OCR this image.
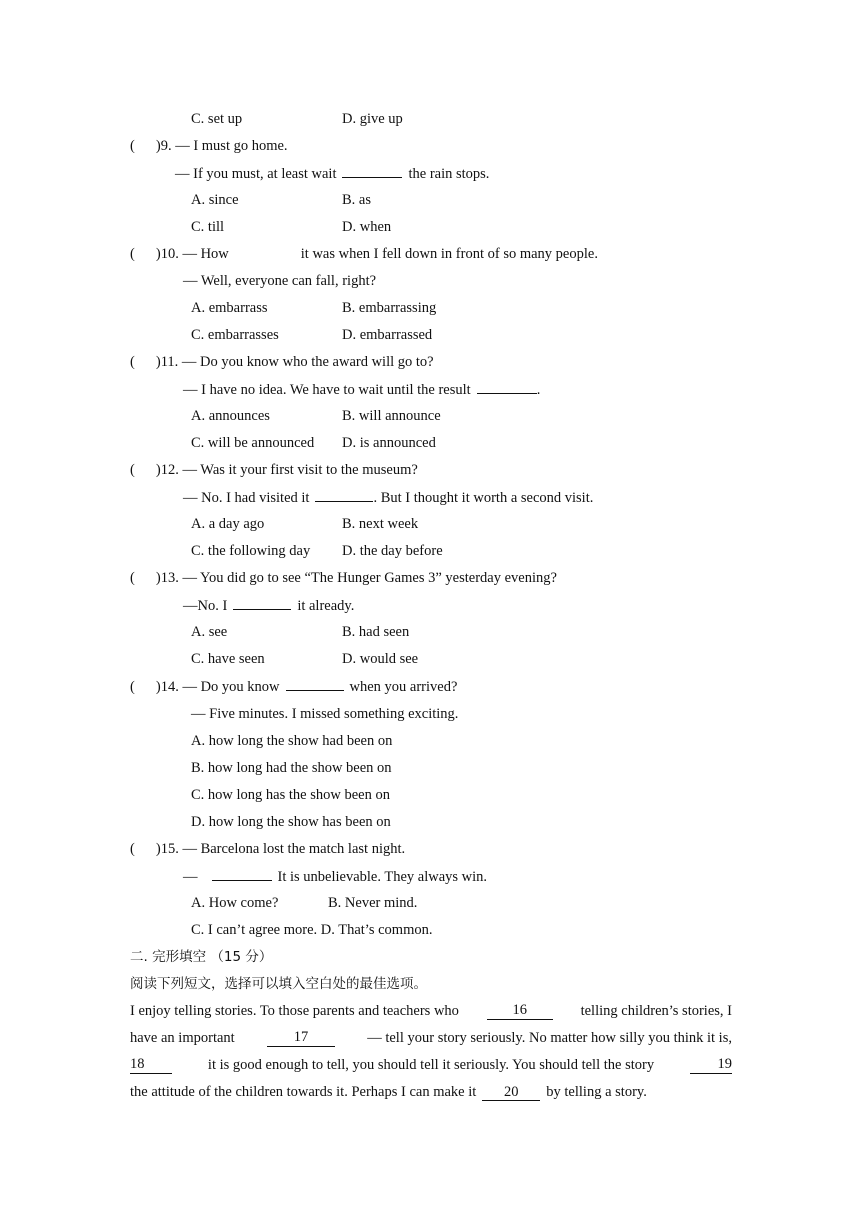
C. set up	D. give up
( )9. — I must go home.
— If you must, at least wait	the rain stops.
A. since	B. as
C. till	D. when
( )10. — How	it was when I fell down in front of so many people.
— Well, everyone can fall, right?
A. embarrass	B. embarrassing
C. embarrasses	D. embarrassed
( )11. — Do you know who the award will go to?
— I have no idea. We have to wait until the result	.
A. announces	B. will announce
C. will be announced D. is announced
( )12. — Was it your first visit to the museum?
— No. I had visited it	. But I thought it worth a second visit.
A. a day ago	B. next week
C. the following day D. the day before
( )13. — You did go to see “The Hunger Games 3” yesterday evening?
—No. I	it already.
A. see	B. had seen
C. have seen	D. would see
( )14. — Do you know	when you arrived?
— Five minutes. I missed something exciting.
A. how long the show had been on
B. how long had the show been on
C. how long has the show been on
D. how long the show has been on
( )15. — Barcelona lost the match last night.
—	It is unbelievable. They always win.
A. How come?	B. Never mind.
C. I can’t agree more. D. That’s common.
二. 完形填空 （15 分）
阅读下列短文，选择可以填入空白处的最佳选项。
I enjoy telling stories. To those parents and teachers who	16	telling children’s stories, I
have an important	17	— tell your story seriously. No matter how silly you think it is,
18	it is good enough to tell, you should tell it seriously. You should tell the story	19
the attitude of the children towards it. Perhaps I can make it 20 by telling a story.
